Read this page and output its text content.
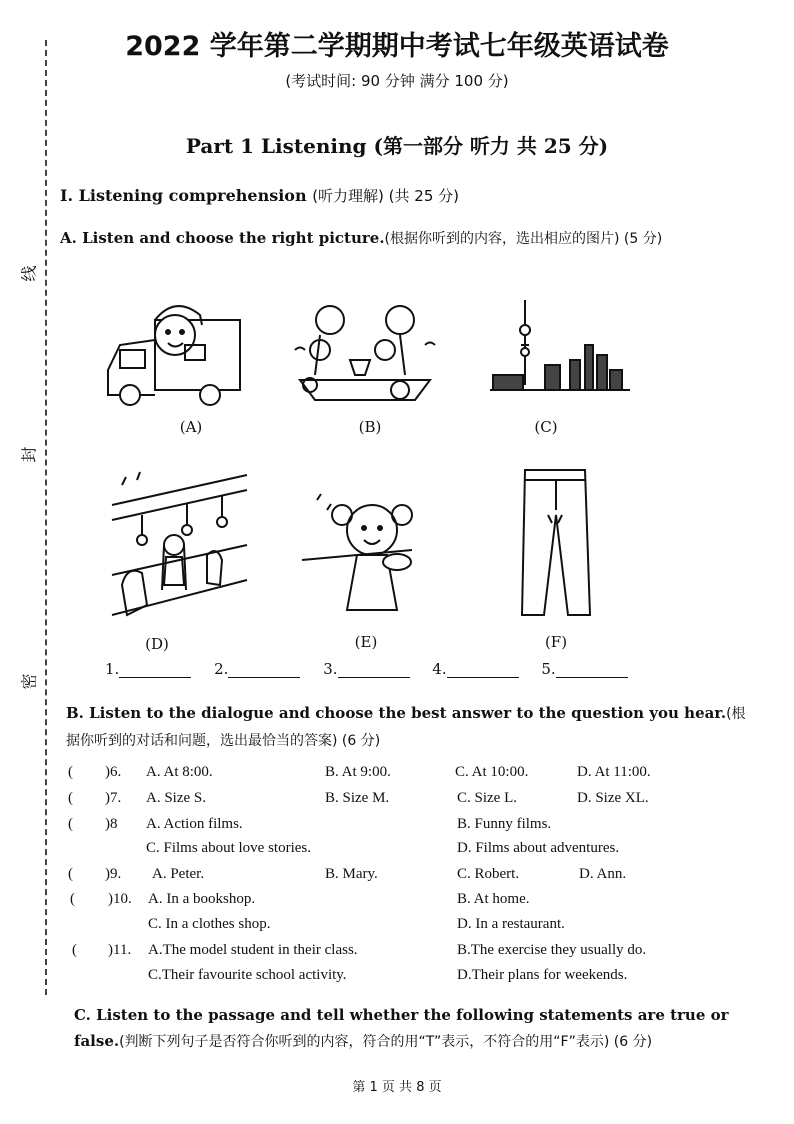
线
封
密
2022 学年第二学期期中考试七年级英语试卷
(考试时间: 90 分钟 满分 100 分)
Part 1 Listening (第一部分 听力 共 25 分)
I. Listening comprehension (听力理解) (共 25 分)
A. Listen and choose the right picture.(根据你听到的内容，选出相应的图片) (5 分)
(A)	(B)	(C)
(D)	(E)	(F)
1.	2.	3.	4.	5.
B. Listen to the dialogue and choose the best answer to the question you hear.(根据你听到的对话和问题，选出最恰当的答案) (6 分)
( )6. A. At 8:00.	B. At 9:00.	C. At 10:00.	D. At 11:00.
( )7. A. Size S.	B. Size M.	C. Size L.	D. Size XL.
( )8 A. Action films.	B. Funny films.
C. Films about love stories.	D. Films about adventures.
( )9. A. Peter.	B. Mary.	C. Robert.	D. Ann.
( )10. A. In a bookshop.	B. At home.
C. In a clothes shop.	D. In a restaurant.
( )11. A.The model student in their class.	B.The exercise they usually do.
C.Their favourite school activity.	D.Their plans for weekends.
C. Listen to the passage and tell whether the following statements are true or false.(判断下列句子是否符合你听到的内容，符合的用“T”表示，不符合的用“F”表示) (6 分)
第 1 页 共 8 页
